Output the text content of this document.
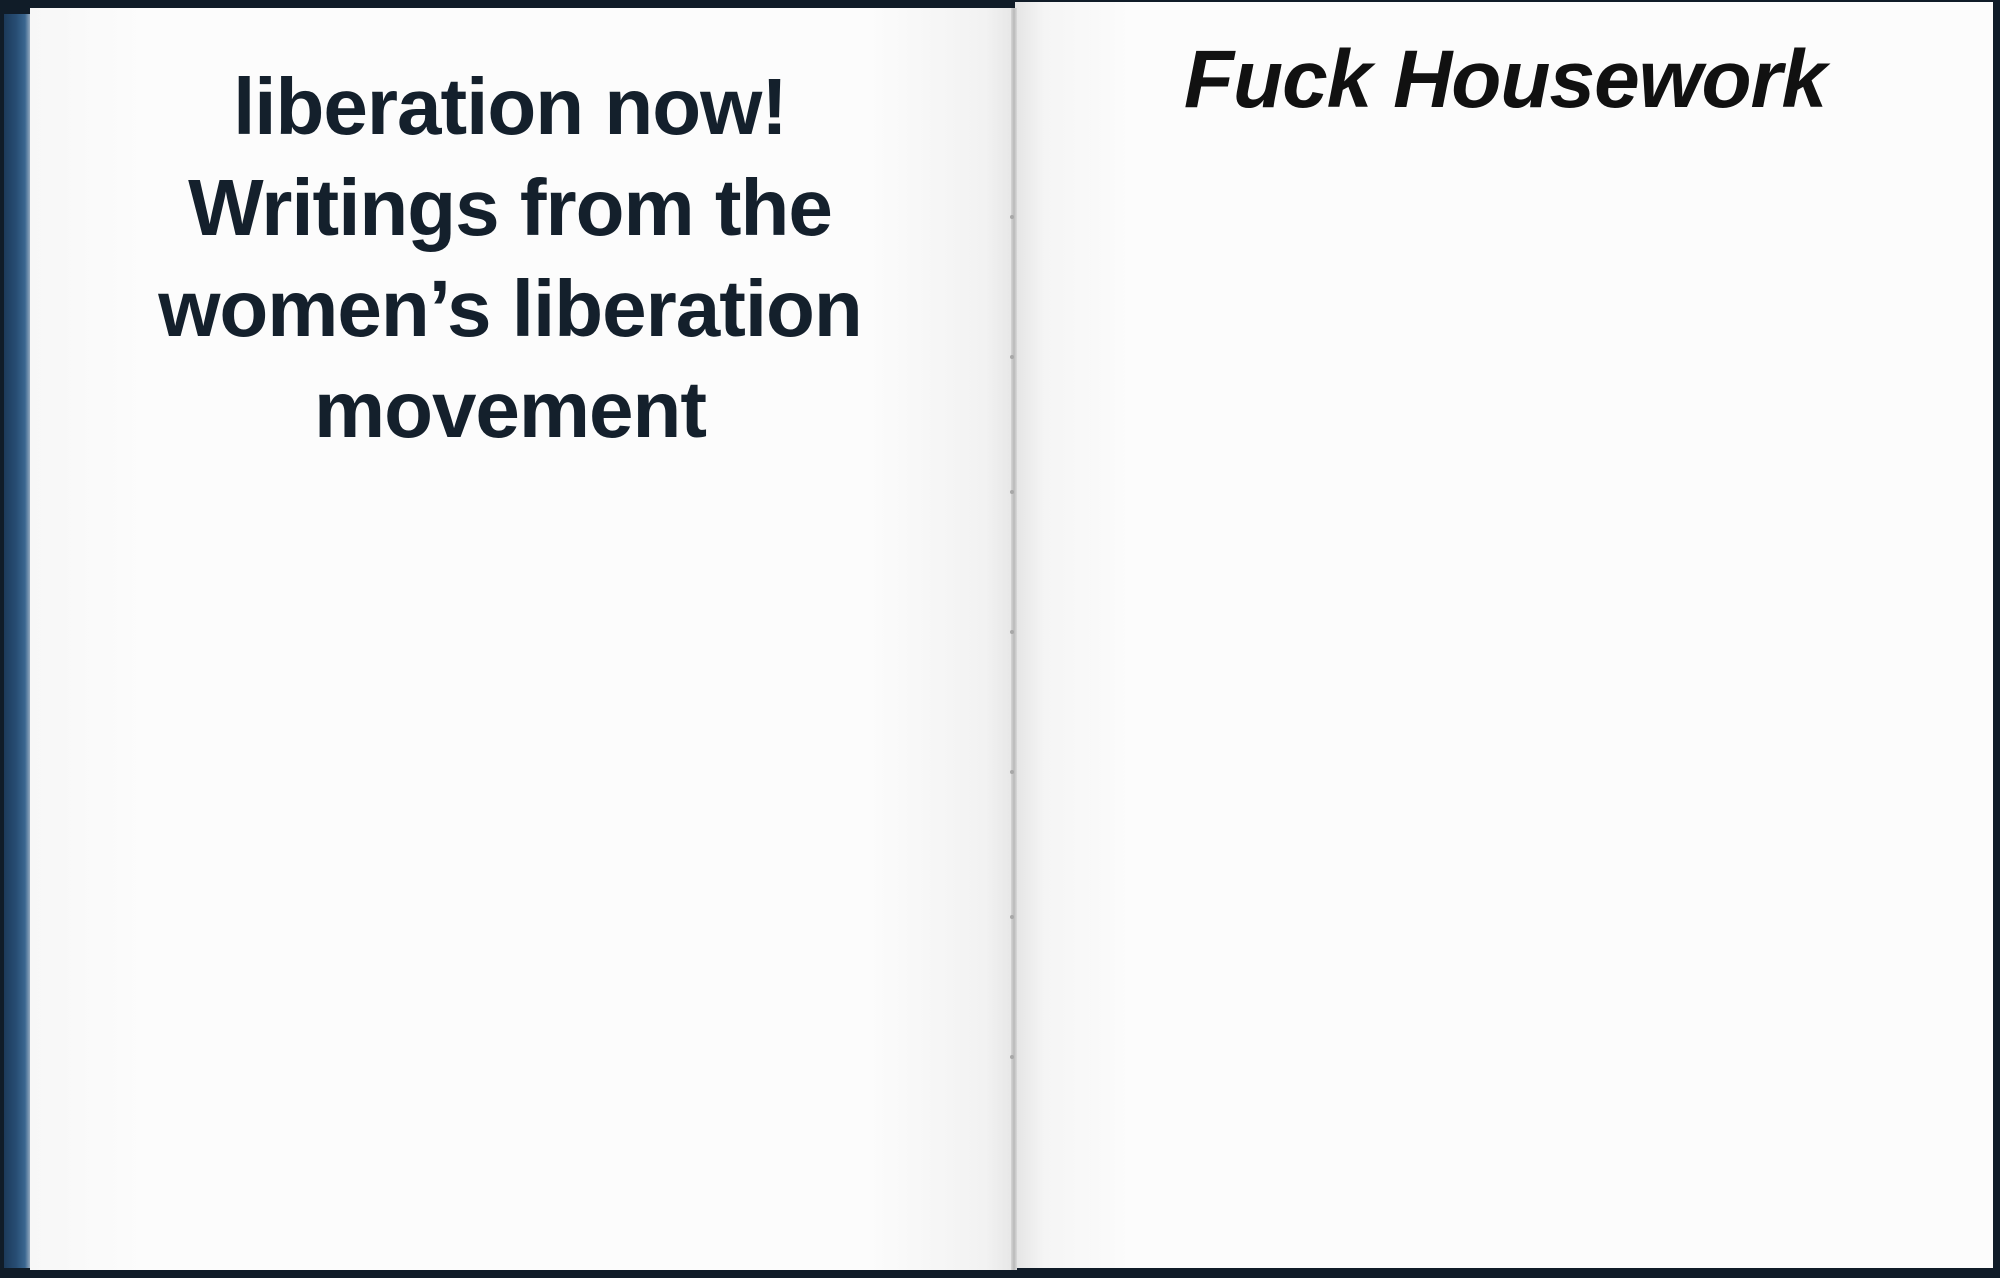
liberation now!
Writings from the
women’s liberation
movement
Fuck Housework
